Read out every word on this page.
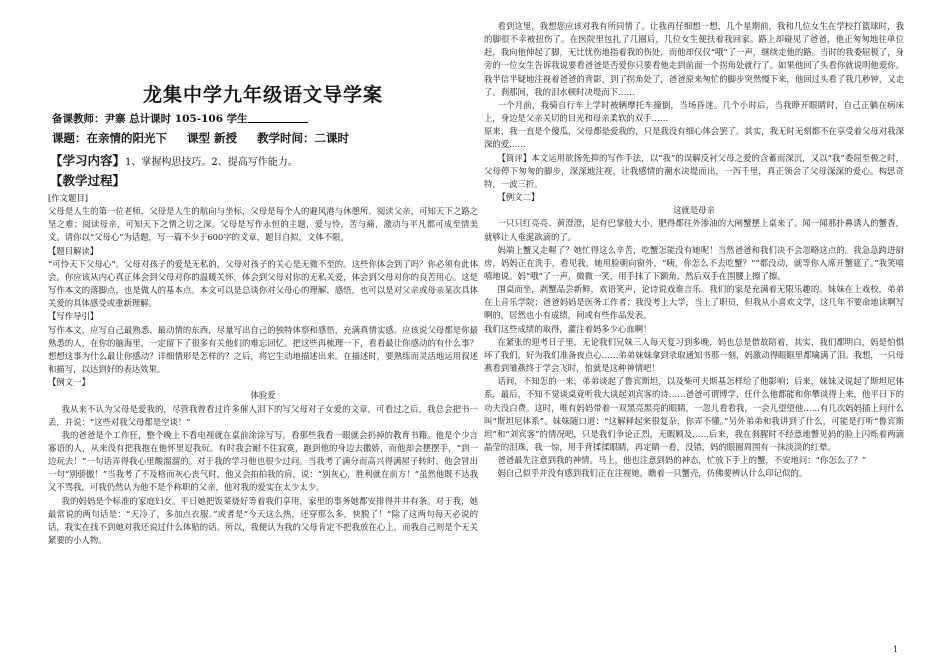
龙集中学九年级语文导学案
备课教师：尹寨 总计课时 105-106 学生
课题：在亲情的阳光下 课型 新授 教学时间：二课时
【学习内容】1、掌握构思技巧。2、提高写作能力。
【教学过程】

[作文题目]

父母是人生的第一位老师，父母是人生的航向与坐标，父母是每个人的避风港与休憩所。阅读父亲，可知天下之路之坚之难；阅读母亲，可知天下之情之切之深。父母是写作永恒的主题，爱与怜，苦与痛，激动与平凡都可成至情美文。请你以“父母心”为话题，写一篇不少于600字的文章，题目自拟，文体不限。

【题目解读】

“可怜天下父母心”。父母对孩子的爱是无私的，父母对孩子的关心是无微不至的。这些你体会到了吗？你必须有此体会。你应该从内心真正体会到父母对你的温暖关怀，体会到父母对你的无私关爱，体会到父母对你的良苦用心。这是写作本文的落脚点，也是做人的基本点。本文可以是总谈你对父母心的理解、感悟，也可以是对父亲或母亲某次具体关爱的具体感受或重新理解。

【写作导引】

写作本文，应写自己最熟悉、最动情的东西，尽量写出自己的独特体察和感悟，充满真情实感。应该说父母都是你最熟悉的人，在你的脑海里，一定留下了很多有关他们的难忘回忆。把这些再梳理一下，看看最让你感动的有什么事？想想这事为什么最让你感动？详细情形是怎样的？之后，将它生动地描述出来。在描述时，要熟练而灵活地运用叙述和描写，以达到好的表达效果。

【例文一】

体验爱

我从来不认为父母是爱我的，尽管我曾看过许多催人泪下的写父母对子女爱的文章，可看过之后，我总会把书一丢，并说：“这些对我父母都是空谈！”

我的爸爸是个工作狂，整个晚上不看电视就在桌前涂涂写写，看那些我看一眼就会扔掉的教育书籍。他是个少言寡语的人，从来没有把我抱在他怀里逗我玩。有时我会耐不住寂寞，跑到他的身边去撒娇，而他却会摆摆手，“到一边玩去！”一句话弄得我心里酸溜溜的。对于我的学习他也很少过问。当我考了满分而高兴得满屋子转时，他会冒出一句“别骄傲！”当我考了不及格而灰心丧气时，他又会拍拍我的肩，说：“别灰心，胜利就在前方！”虽然他既不达我又不骂我，可我仍然认为他不是个称职的父亲，他对我的爱实在太少太少。

我的妈妈是个标准的家庭妇女。平日她把饭菜烧好等着我们享用，家里的事务她都安排得井井有条。对于我，她最常说的两句话是：“天冷了，多加点衣服。”或者是“今天这么热，还穿那么多，快脱了！”除了这两句每天必说的话，我实在找不到她对我还说过什么体贴的话。所以，我便认为我的父母肯定不把我放在心上，而我自己则是个无关紧要的小人物。

看到这里，我想您应该对我有所同情了。让我再仔细想一想，几个星期前，我和几位女生在学校打篮球时，我的脚很不幸被扭伤了。在医院里包扎了几圈后，几位女生便扶着我回家。路上却碰见了爸爸，他正匆匆地往单位赶，我向他伸起了脚，无比忧伤地指着我的伤处，而他却仅仅“哦”了一声，继续走他的路。当时的我委屈极了，身旁的一位女生告诉我说要看爸爸是否爱你只要看他走到前面一个拐角处就行了。如果他回了头看你就说明他爱你。我半信半疑地注视着爸爸的背影，到了拐角处了，爸爸原来匆忙的脚步突然慢下来，他回过头看了我几秒钟，又走了。刹那间，我的泪水顿时决堤而下……

一个月前，我骑自行车上学时被辆摩托车撞倒，当场昏迷。几个小时后，当我睁开眼睛时，自己正躺在病床上，身边是父亲关切的目光和母亲柔软的双手……

原来，我一直是个傻瓜，父母都是爱我的，只是我没有细心体会罢了。其实，我无时无刻都不在享受着父母对我深深的爱……

【简评】本文运用欲扬先抑的写作手法，以“我”的误解反衬父母之爱的含蓄而深沉，又以“我”委屈至极之时，父母停下匆匆的脚步，深深地注视，让我感情的潮水决堤而出，一泻千里，真正领会了父母深深的爱心。构思奇特，一波三折。

【例文二】

这就是母亲

一只只红亮亮、黄澄澄，足有巴掌般大小，肥得都往外渗油的大闸蟹摆上桌来了。闻一闻那扑鼻诱人的蟹香，就够让人垂涎欲滴的了。

妈端上蟹又走喔了？她忙得这么辛苦，吃蟹怎能没有她呢！当然爸爸和我们决不会忽略这点的。我急急跨进厨房，妈妈正在洗手，看见我，她用脸朝向窗外，“咦，你怎么不去吃蟹？”“都没动，就等你入席开蟹筵了。”我笑嘻嘻地说。妈“哦”了一声，微微一笑，用手抹了下额角，然后双手在围腰上擦了擦。

围桌而坐，剥蟹品尝新鲜，欢语笑声，论诗说戏谁言乐。我们的家是充满着无限乐趣的。妹妹在上戏校，弟弟在上音乐学院；爸爸妈妈是医务工作者；我没考上大学，当上了职员，但我从小喜欢文学，这几年不要命地读啊写啊的，居然也小有成绩，间或有些作品发表。

我们这些成绩的取得，灌注着妈多少心血啊！

在紧张的迎考日子里，无论我们兄妹三人每天复习到多晚，妈也总是借故陪着，其实，我们都明白，妈是怕惧坏了我们，好为我们准备夜点心……弟弟妹妹拿到录取通知书那一刻，妈激动得眼眶里都噙满了泪。我想，一只母燕看到雏燕终于学会飞时，怕就是这种神情吧！

话间，不知怎的一来，弟弟谈起了鲁宾斯坦，以及柴可夫斯基怎样给了他影响；后来，妹妹又说起了斯坦尼体系，最后，不知不觉谈桌竟听我大谈起刘宾客的诗……爸爸可谓博学，任什么他都能和你攀谈得上来，他平日下的功夫没白费。这时，唯有妈妈带着一双黑亮黑亮的眼睛，一忽儿看看我，一会儿望望他……有几次妈妈插上问什么叫“斯坦尼体系”。妹妹随口道：“这解释起来很复杂，你弄不懂。”另外弟弟和我讲到了什么，可能是打听“鲁宾斯坦”和“刘宾客”的情况吧，只是我们争论正烈，无暇顾及……后来，我在刹腥时不经意地瞥见妈的脸上闪烁着两滴晶莹的泪珠，我一惊，用手背揉揉眼睛，再定睛一看，没错，妈的眼圈周围有一抹淡淡的红晕。

爸爸最先注意到我的神情。马上，他也注意到妈的神态，忙放下手上的蟹，不安地问：“你怎么了？”

妈自己似乎并没有感到我们正在注视她，瞧着一只蟹壳，仿佛要辨认什么印记似的。

1
